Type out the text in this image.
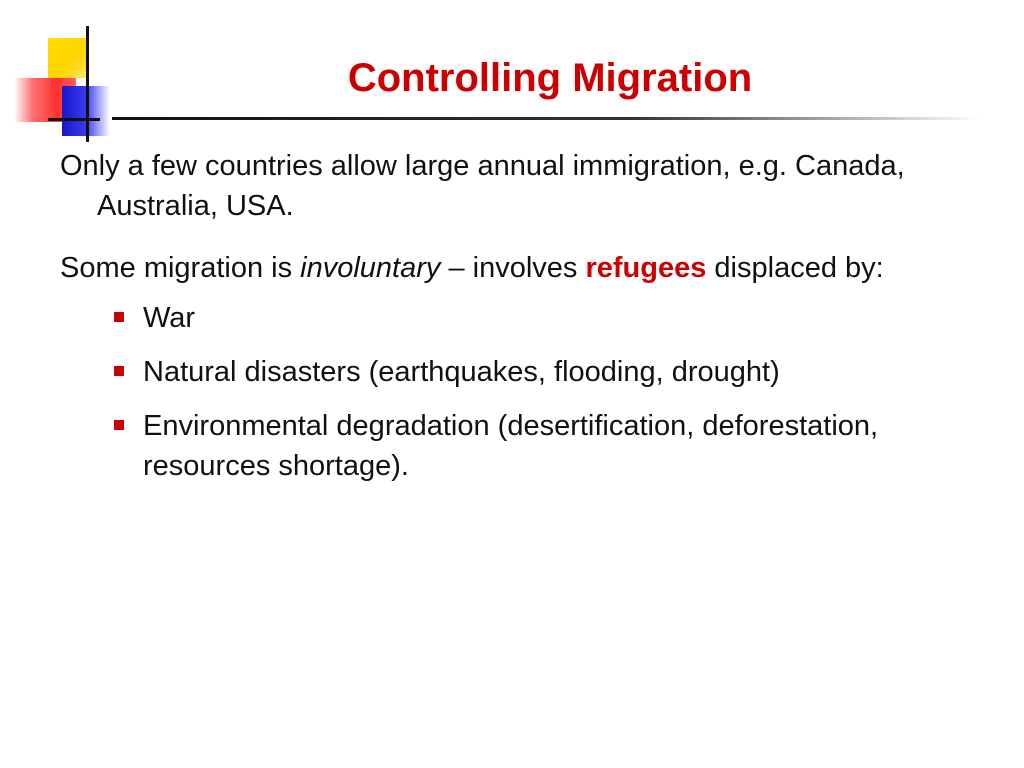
Controlling Migration

Only a few countries allow large annual immigration, e.g. Canada, Australia, USA.

Some migration is involuntary – involves refugees displaced by:

War
Natural disasters (earthquakes, flooding, drought)
Environmental degradation (desertification, deforestation, resources shortage).
